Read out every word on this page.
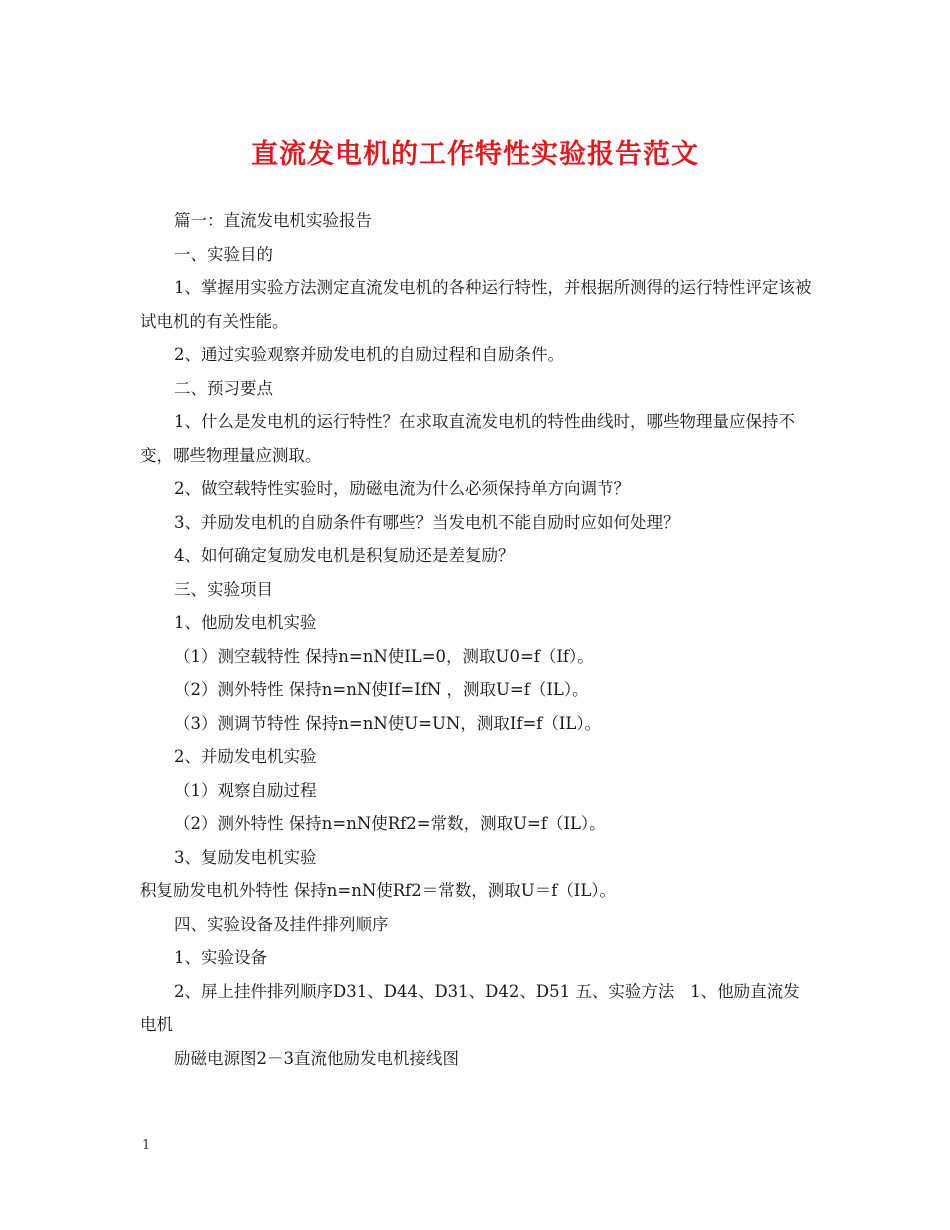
直流发电机的工作特性实验报告范文

篇一：直流发电机实验报告

一、实验目的

1、掌握用实验方法测定直流发电机的各种运行特性，并根据所测得的运行特性评定该被试电机的有关性能。

2、通过实验观察并励发电机的自励过程和自励条件。

二、预习要点

1、什么是发电机的运行特性？在求取直流发电机的特性曲线时，哪些物理量应保持不变，哪些物理量应测取。

2、做空载特性实验时，励磁电流为什么必须保持单方向调节？

3、并励发电机的自励条件有哪些？当发电机不能自励时应如何处理？

4、如何确定复励发电机是积复励还是差复励？

三、实验项目

1、他励发电机实验

（1）测空载特性 保持n=nN使IL=0，测取U0=f（If）。

（2）测外特性 保持n=nN使If=IfN ，测取U=f（IL）。

（3）测调节特性 保持n=nN使U=UN，测取If=f（IL）。

2、并励发电机实验

（1）观察自励过程

（2）测外特性 保持n=nN使Rf2=常数，测取U=f（IL）。

3、复励发电机实验

积复励发电机外特性 保持n=nN使Rf2＝常数，测取U＝f（IL）。

四、实验设备及挂件排列顺序

1、实验设备

2、屏上挂件排列顺序D31、D44、D31、D42、D51 五、实验方法   1、他励直流发电机

励磁电源图2－3直流他励发电机接线图

1
